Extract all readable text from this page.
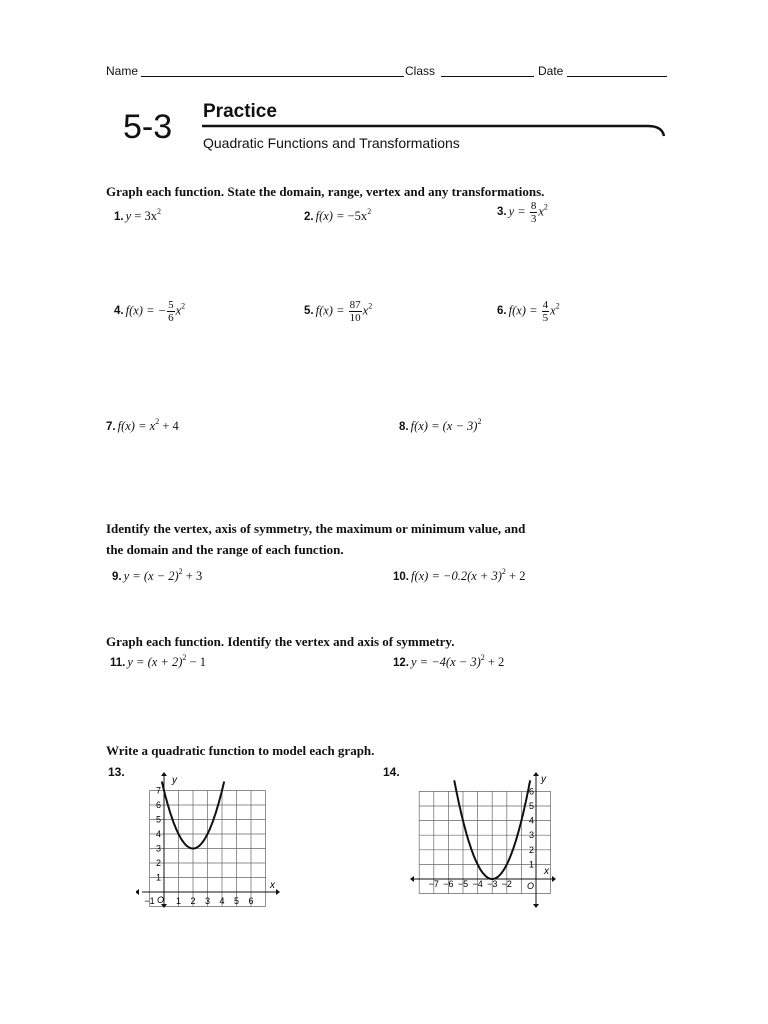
Name	Class	Date
5-3 Practice
Quadratic Functions and Transformations
Graph each function. State the domain, range, vertex and any transformations.
1. $y = 3x^2$	2. $f(x) = -5x^2$	3. $y = \frac{8}{3} x^2$
4. f(x) = − $\frac{5}{6} x^2$	5. $f(x) = \frac{87}{10} x^2$	6. $f(x) = \frac{4}{5} x^2$
7. $f(x) = x^2 + 4$	8. $f(x) = (x - 3)^2$
Identify the vertex, axis of symmetry, the maximum or minimum value, and
the domain and the range of each function.
9. $y = (x - 2)^2 + 3$	10. $f(x) = -0.2(x + 3)^2 + 2$
Graph each function. Identify the vertex and axis of symmetry.
11. $y = (x + 2)^2 - 1$	12. $y = -4(x - 3)^2 + 2$
Write a quadratic function to model each graph.
13.	14.
x
y
O
−1 1 2 3 4 5 6
1
2
3
4
5
6
7
x
y
O
−7 −6 −5 −4 −3 −2
1
2
3
4
5
6
